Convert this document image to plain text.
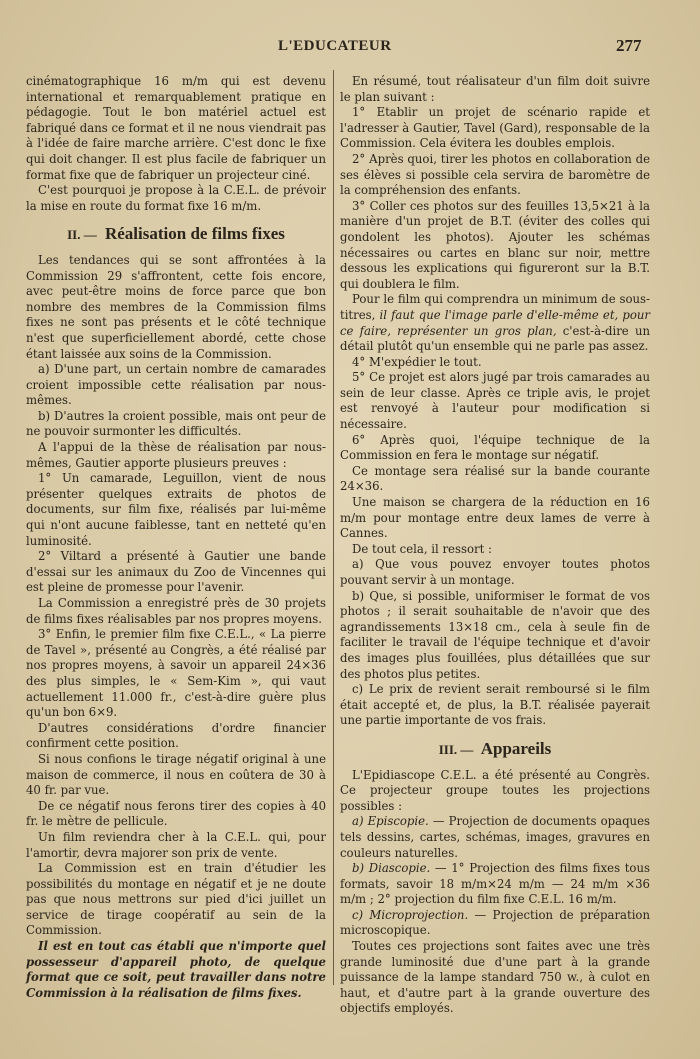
L'EDUCATEUR	277

cinématographique 16 m/m qui est devenu international et remarquablement pratique en pédagogie. Tout le bon matériel actuel est fabriqué dans ce format et il ne nous viendrait pas à l'idée de faire marche arrière. C'est donc le fixe qui doit changer. Il est plus facile de fabriquer un format fixe que de fabriquer un projecteur ciné.

C'est pourquoi je propose à la C.E.L. de prévoir la mise en route du format fixe 16 m/m.

II. — Réalisation de films fixes

Les tendances qui se sont affrontées à la Commission 29 s'affrontent, cette fois encore, avec peut-être moins de force parce que bon nombre des membres de la Commission films fixes ne sont pas présents et le côté technique n'est que superficiellement abordé, cette chose étant laissée aux soins de la Commission.

a) D'une part, un certain nombre de camarades croient impossible cette réalisation par nous-mêmes.

b) D'autres la croient possible, mais ont peur de ne pouvoir surmonter les difficultés.

A l'appui de la thèse de réalisation par nous-mêmes, Gautier apporte plusieurs preuves :

1° Un camarade, Leguillon, vient de nous présenter quelques extraits de photos de documents, sur film fixe, réalisés par lui-même qui n'ont aucune faiblesse, tant en netteté qu'en luminosité.

2° Viltard a présenté à Gautier une bande d'essai sur les animaux du Zoo de Vincennes qui est pleine de promesse pour l'avenir.

La Commission a enregistré près de 30 projets de films fixes réalisables par nos propres moyens.

3° Enfin, le premier film fixe C.E.L., « La pierre de Tavel », présenté au Congrès, a été réalisé par nos propres moyens, à savoir un appareil 24×36 des plus simples, le « Sem-Kim », qui vaut actuellement 11.000 fr., c'est-à-dire guère plus qu'un bon 6×9.

D'autres considérations d'ordre financier confirment cette position.

Si nous confions le tirage négatif original à une maison de commerce, il nous en coûtera de 30 à 40 fr. par vue.

De ce négatif nous ferons tirer des copies à 40 fr. le mètre de pellicule.

Un film reviendra cher à la C.E.L. qui, pour l'amortir, devra majorer son prix de vente.

La Commission est en train d'étudier les possibilités du montage en négatif et je ne doute pas que nous mettrons sur pied d'ici juillet un service de tirage coopératif au sein de la Commission.

Il est en tout cas établi que n'importe quel possesseur d'appareil photo, de quelque format que ce soit, peut travailler dans notre Commission à la réalisation de films fixes.

En résumé, tout réalisateur d'un film doit suivre le plan suivant :

1° Etablir un projet de scénario rapide et l'adresser à Gautier, Tavel (Gard), responsable de la Commission. Cela évitera les doubles emplois.

2° Après quoi, tirer les photos en collaboration de ses élèves si possible cela servira de baromètre de la compréhension des enfants.

3° Coller ces photos sur des feuilles 13,5×21 à la manière d'un projet de B.T. (éviter des colles qui gondolent les photos). Ajouter les schémas nécessaires ou cartes en blanc sur noir, mettre dessous les explications qui figureront sur la B.T. qui doublera le film.

Pour le film qui comprendra un minimum de sous-titres, il faut que l'image parle d'elle-même et, pour ce faire, représenter un gros plan, c'est-à-dire un détail plutôt qu'un ensemble qui ne parle pas assez.

4° M'expédier le tout.

5° Ce projet est alors jugé par trois camarades au sein de leur classe. Après ce triple avis, le projet est renvoyé à l'auteur pour modification si nécessaire.

6° Après quoi, l'équipe technique de la Commission en fera le montage sur négatif.

Ce montage sera réalisé sur la bande courante 24×36.

Une maison se chargera de la réduction en 16 m/m pour montage entre deux lames de verre à Cannes.

De tout cela, il ressort :

a) Que vous pouvez envoyer toutes photos pouvant servir à un montage.

b) Que, si possible, uniformiser le format de vos photos ; il serait souhaitable de n'avoir que des agrandissements 13×18 cm., cela à seule fin de faciliter le travail de l'équipe technique et d'avoir des images plus fouillées, plus détaillées que sur des photos plus petites.

c) Le prix de revient serait remboursé si le film était accepté et, de plus, la B.T. réalisée payerait une partie importante de vos frais.

III. — Appareils

L'Epidiascope C.E.L. a été présenté au Congrès. Ce projecteur groupe toutes les projections possibles :

a) Episcopie. — Projection de documents opaques tels dessins, cartes, schémas, images, gravures en couleurs naturelles.

b) Diascopie. — 1° Projection des films fixes tous formats, savoir 18 m/m×24 m/m — 24 m/m ×36 m/m ; 2° projection du film fixe C.E.L. 16 m/m.

c) Microprojection. — Projection de préparation microscopique.

Toutes ces projections sont faites avec une très grande luminosité due d'une part à la grande puissance de la lampe standard 750 w., à culot en haut, et d'autre part à la grande ouverture des objectifs employés.
